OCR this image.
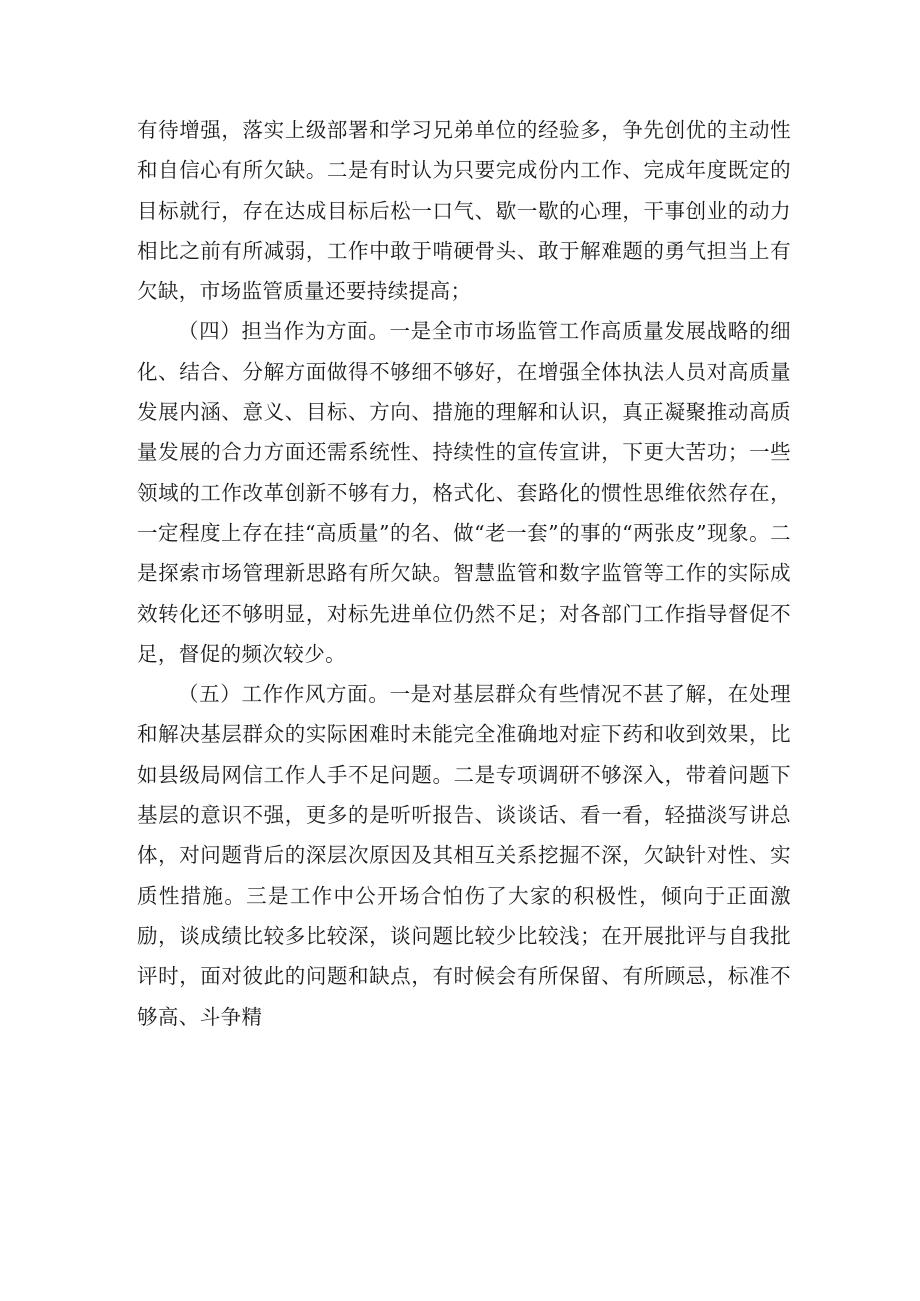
有待增强，落实上级部署和学习兄弟单位的经验多，争先创优的主动性和自信心有所欠缺。二是有时认为只要完成份内工作、完成年度既定的目标就行，存在达成目标后松一口气、歇一歇的心理，干事创业的动力相比之前有所减弱，工作中敢于啃硬骨头、敢于解难题的勇气担当上有欠缺，市场监管质量还要持续提高；

（四）担当作为方面。一是全市市场监管工作高质量发展战略的细化、结合、分解方面做得不够细不够好，在增强全体执法人员对高质量发展内涵、意义、目标、方向、措施的理解和认识，真正凝聚推动高质量发展的合力方面还需系统性、持续性的宣传宣讲，下更大苦功；一些领域的工作改革创新不够有力，格式化、套路化的惯性思维依然存在，一定程度上存在挂“高质量”的名、做“老一套”的事的“两张皮”现象。二是探索市场管理新思路有所欠缺。智慧监管和数字监管等工作的实际成效转化还不够明显，对标先进单位仍然不足；对各部门工作指导督促不足，督促的频次较少。

（五）工作作风方面。一是对基层群众有些情况不甚了解，在处理和解决基层群众的实际困难时未能完全准确地对症下药和收到效果，比如县级局网信工作人手不足问题。二是专项调研不够深入，带着问题下基层的意识不强，更多的是听听报告、谈谈话、看一看，轻描淡写讲总体，对问题背后的深层次原因及其相互关系挖掘不深，欠缺针对性、实质性措施。三是工作中公开场合怕伤了大家的积极性，倾向于正面激励，谈成绩比较多比较深，谈问题比较少比较浅；在开展批评与自我批评时，面对彼此的问题和缺点，有时候会有所保留、有所顾忌，标准不够高、斗争精
